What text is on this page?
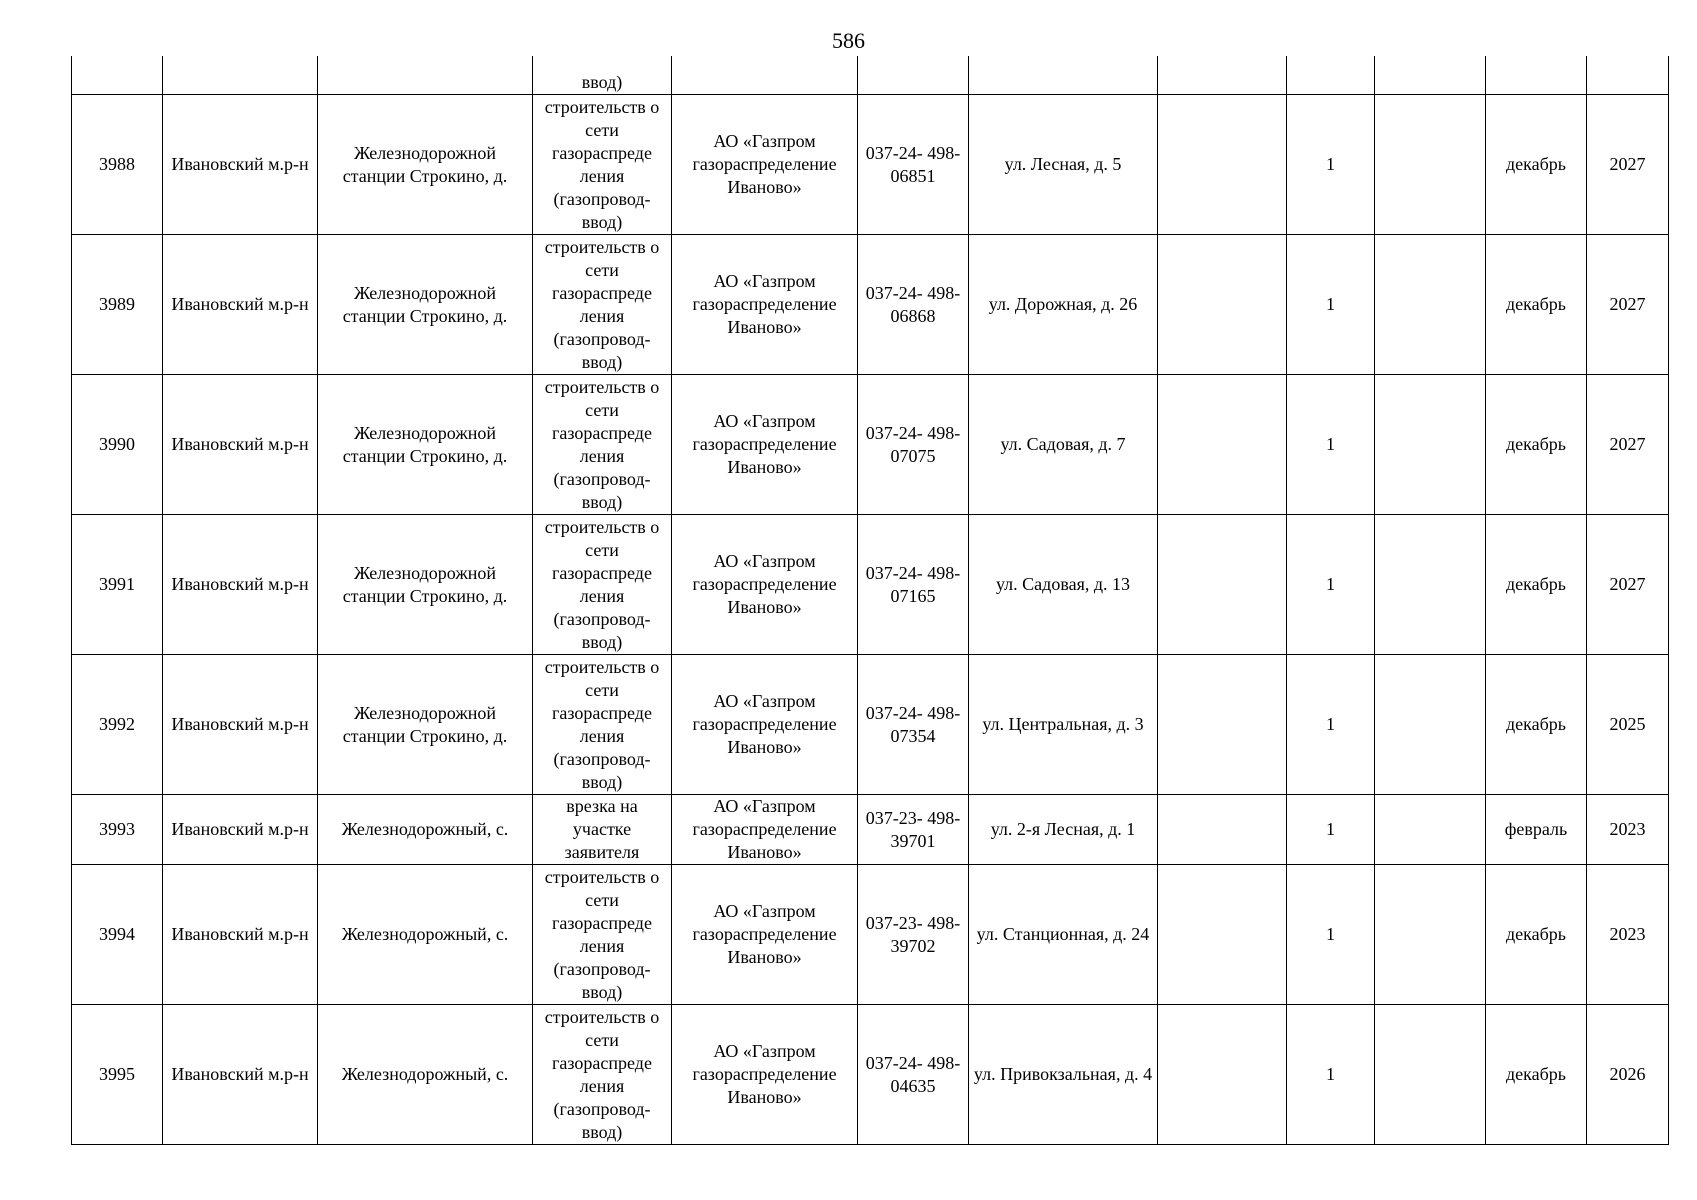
586
			ввод)								
3988	Ивановский м.р-н	Железнодорожной станции Строкино, д.	строительств о сети газораспреде ления (газопровод- ввод)	АО «Газпром газораспределение Иваново»	037-24- 498-06851	ул. Лесная, д. 5		1		декабрь	2027
3989	Ивановский м.р-н	Железнодорожной станции Строкино, д.	строительств о сети газораспреде ления (газопровод- ввод)	АО «Газпром газораспределение Иваново»	037-24- 498-06868	ул. Дорожная, д. 26		1		декабрь	2027
3990	Ивановский м.р-н	Железнодорожной станции Строкино, д.	строительств о сети газораспреде ления (газопровод- ввод)	АО «Газпром газораспределение Иваново»	037-24- 498-07075	ул. Садовая, д. 7		1		декабрь	2027
3991	Ивановский м.р-н	Железнодорожной станции Строкино, д.	строительств о сети газораспреде ления (газопровод- ввод)	АО «Газпром газораспределение Иваново»	037-24- 498-07165	ул. Садовая, д. 13		1		декабрь	2027
3992	Ивановский м.р-н	Железнодорожной станции Строкино, д.	строительств о сети газораспреде ления (газопровод- ввод)	АО «Газпром газораспределение Иваново»	037-24- 498-07354	ул. Центральная, д. 3		1		декабрь	2025
3993	Ивановский м.р-н	Железнодорожный, с.	врезка на участке заявителя	АО «Газпром газораспределение Иваново»	037-23- 498-39701	ул. 2-я Лесная, д. 1		1		февраль	2023
3994	Ивановский м.р-н	Железнодорожный, с.	строительств о сети газораспреде ления (газопровод- ввод)	АО «Газпром газораспределение Иваново»	037-23- 498-39702	ул. Станционная, д. 24		1		декабрь	2023
3995	Ивановский м.р-н	Железнодорожный, с.	строительств о сети газораспреде ления (газопровод- ввод)	АО «Газпром газораспределение Иваново»	037-24- 498-04635	ул. Привокзальная, д. 4		1		декабрь	2026
